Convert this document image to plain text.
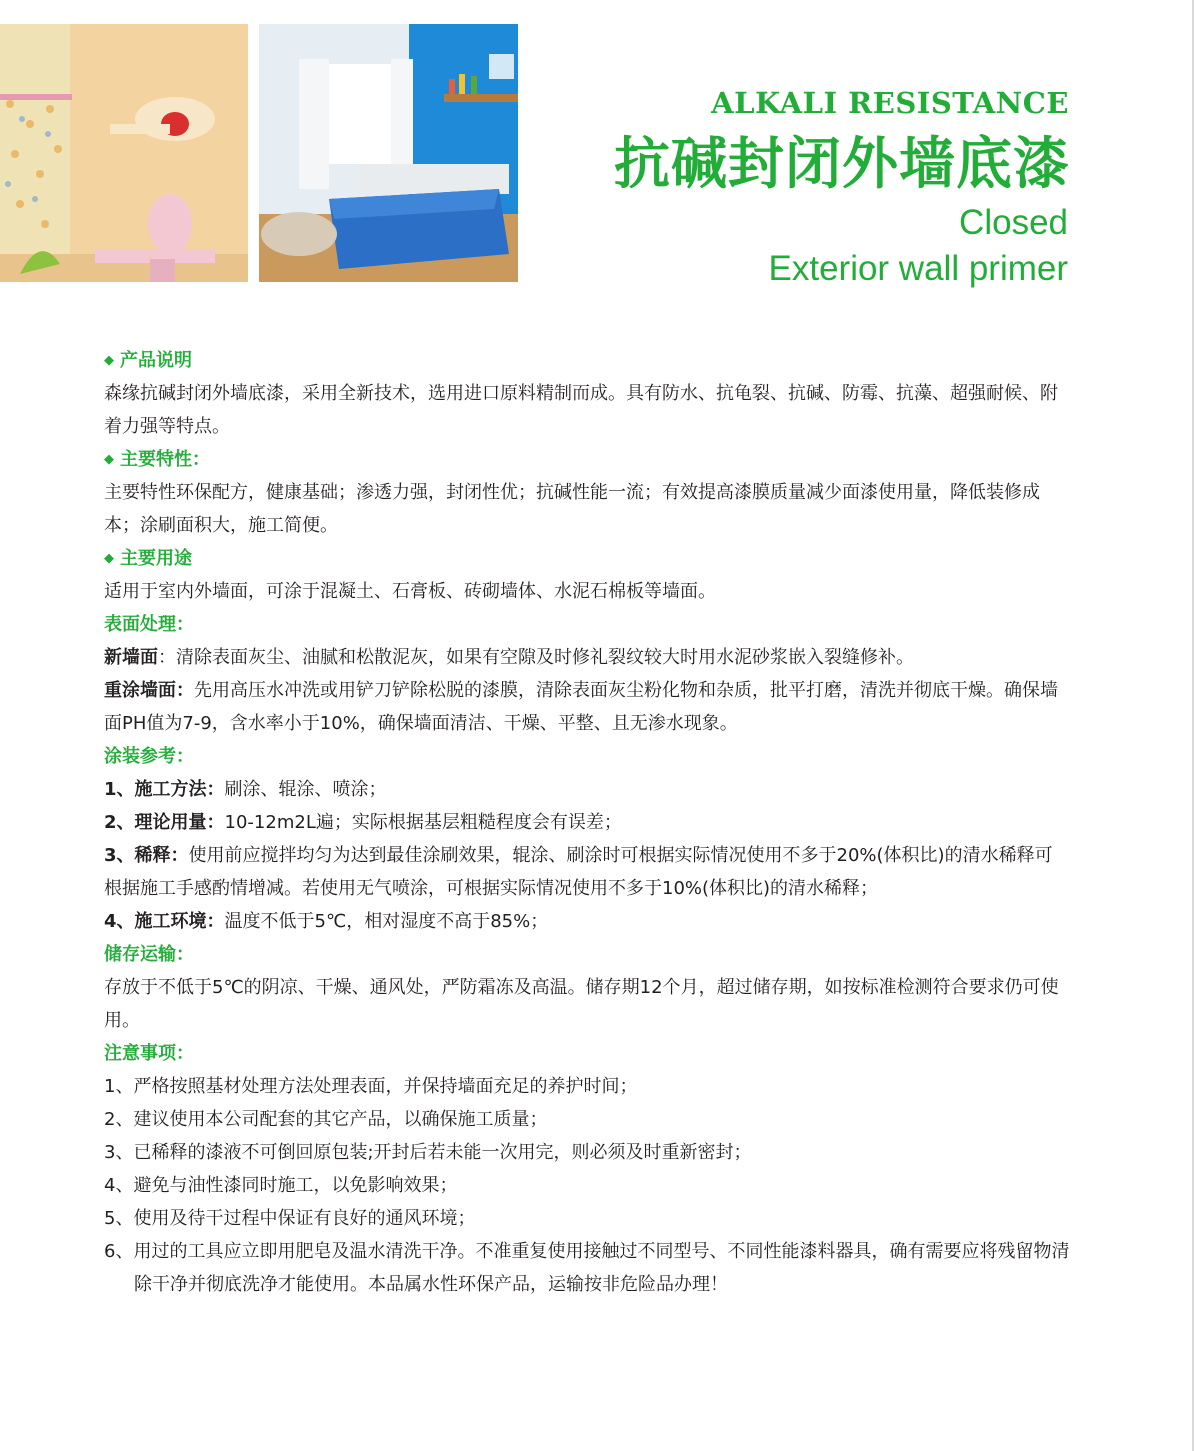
ALKALI RESISTANCE
抗碱封闭外墙底漆
Closed
Exterior wall primer

◆ 产品说明

森缘抗碱封闭外墙底漆，采用全新技术，选用进口原料精制而成。具有防水、抗龟裂、抗碱、防霉、抗藻、超强耐候、附着力强等特点。

◆ 主要特性：

主要特性环保配方，健康基础；渗透力强，封闭性优；抗碱性能一流；有效提高漆膜质量减少面漆使用量，降低装修成本；涂刷面积大，施工简便。

◆ 主要用途

适用于室内外墙面，可涂于混凝土、石膏板、砖砌墙体、水泥石棉板等墙面。

表面处理：

新墙面：清除表面灰尘、油腻和松散泥灰，如果有空隙及时修礼裂纹较大时用水泥砂浆嵌入裂缝修补。

重涂墙面：先用高压水冲洗或用铲刀铲除松脱的漆膜，清除表面灰尘粉化物和杂质，批平打磨，清洗并彻底干燥。确保墙面PH值为7-9，含水率小于10%，确保墙面清洁、干燥、平整、且无渗水现象。

涂装参考：

1、施工方法：刷涂、辊涂、喷涂；

2、理论用量：10-12m2L遍；实际根据基层粗糙程度会有误差；

3、稀释：使用前应搅拌均匀为达到最佳涂刷效果，辊涂、刷涂时可根据实际情况使用不多于20%(体积比)的清水稀释可根据施工手感酌情增减。若使用无气喷涂，可根据实际情况使用不多于10%(体积比)的清水稀释；

4、施工环境：温度不低于5℃，相对湿度不高于85%；

储存运输：

存放于不低于5℃的阴凉、干燥、通风处，严防霜冻及高温。储存期12个月，超过储存期，如按标准检测符合要求仍可使用。

注意事项：

1、严格按照基材处理方法处理表面，并保持墙面充足的养护时间；

2、建议使用本公司配套的其它产品，以确保施工质量；

3、已稀释的漆液不可倒回原包装;开封后若未能一次用完，则必须及时重新密封；

4、避免与油性漆同时施工，以免影响效果；

5、使用及待干过程中保证有良好的通风环境；

6、用过的工具应立即用肥皂及温水清洗干净。不准重复使用接触过不同型号、不同性能漆料器具，确有需要应将残留物清除干净并彻底洗净才能使用。本品属水性环保产品，运输按非危险品办理！
